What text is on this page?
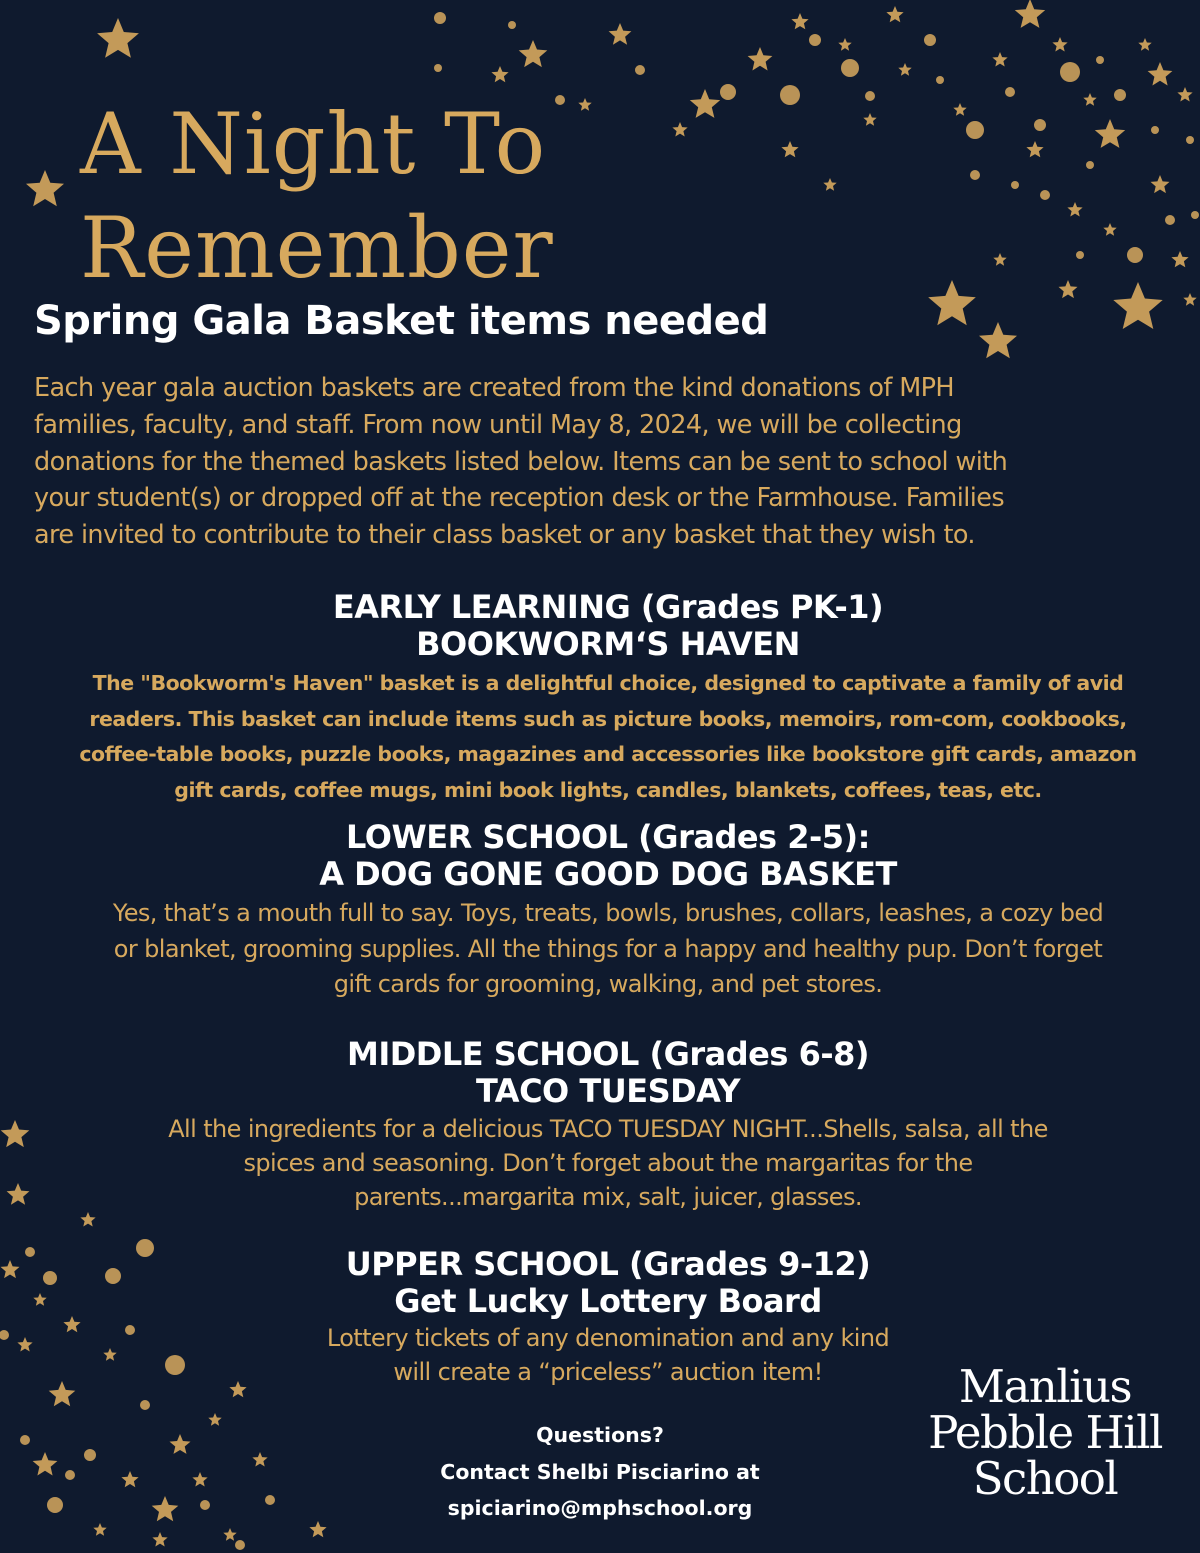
A Night To
Remember
Spring Gala Basket items needed

Each year gala auction baskets are created from the kind donations of MPH
families, faculty, and staff. From now until May 8, 2024, we will be collecting
donations for the themed baskets listed below. Items can be sent to school with
your student(s) or dropped off at the reception desk or the Farmhouse. Families
are invited to contribute to their class basket or any basket that they wish to.

EARLY LEARNING (Grades PK-1)
BOOKWORM‘S HAVEN

The "Bookworm's Haven" basket is a delightful choice, designed to captivate a family of avid
readers. This basket can include items such as picture books, memoirs, rom-com, cookbooks,
coffee-table books, puzzle books, magazines and accessories like bookstore gift cards, amazon
gift cards, coffee mugs, mini book lights, candles, blankets, coffees, teas, etc.

LOWER SCHOOL (Grades 2-5):
A DOG GONE GOOD DOG BASKET

Yes, that’s a mouth full to say. Toys, treats, bowls, brushes, collars, leashes, a cozy bed
or blanket, grooming supplies. All the things for a happy and healthy pup. Don’t forget
gift cards for grooming, walking, and pet stores.

MIDDLE SCHOOL (Grades 6-8)
TACO TUESDAY

All the ingredients for a delicious TACO TUESDAY NIGHT...Shells, salsa, all the
spices and seasoning. Don’t forget about the margaritas for the
parents...margarita mix, salt, juicer, glasses.

UPPER SCHOOL (Grades 9-12)
Get Lucky Lottery Board

Lottery tickets of any denomination and any kind
will create a “priceless” auction item!

Questions?
Contact Shelbi Pisciarino at
spiciarino@mphschool.org
Manlius
Pebble Hill
School
